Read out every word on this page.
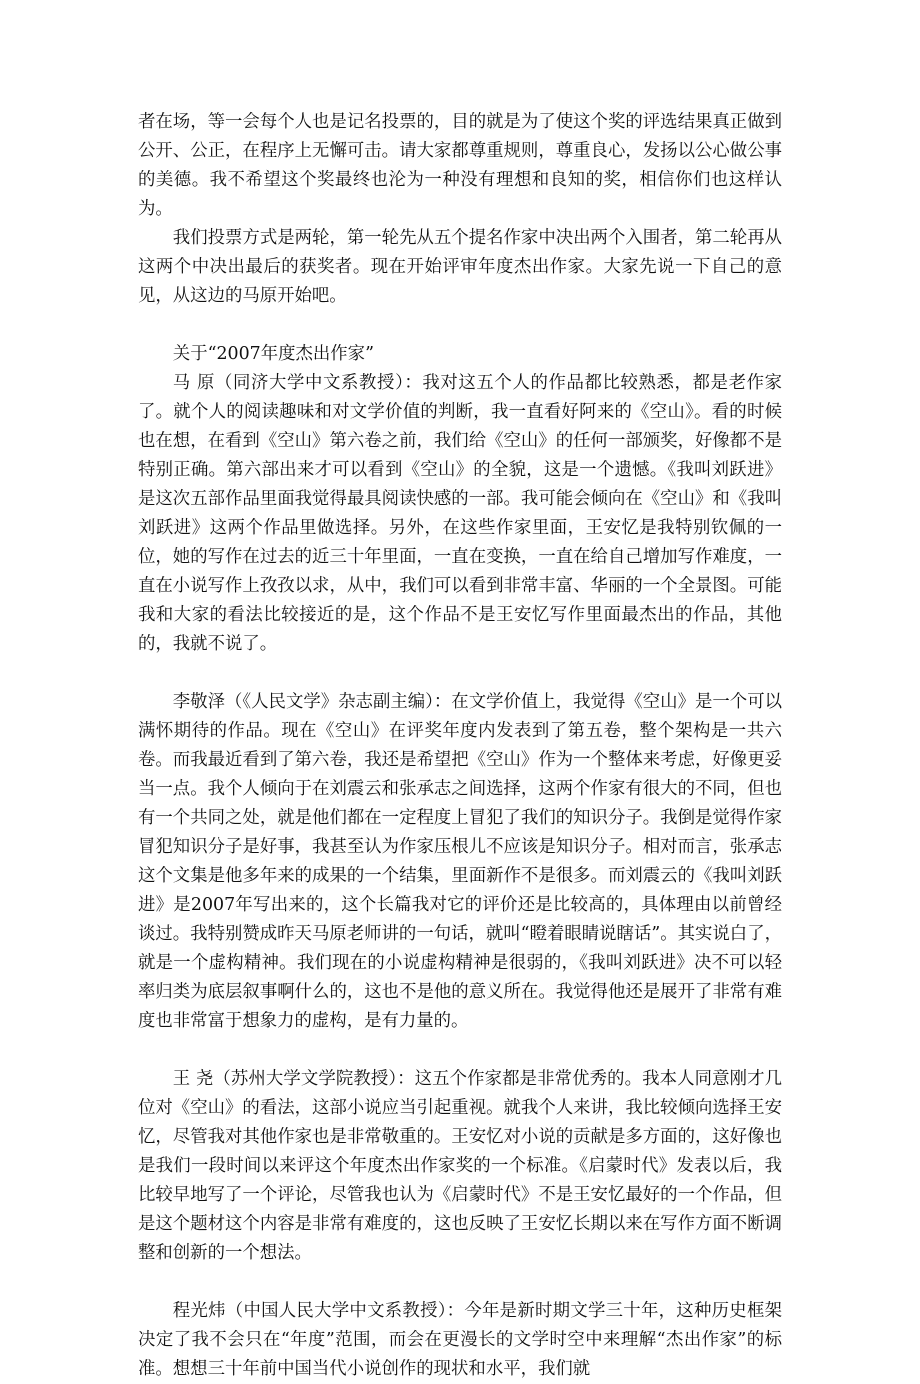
者在场，等一会每个人也是记名投票的，目的就是为了使这个奖的评选结果真正做到公开、公正，在程序上无懈可击。请大家都尊重规则，尊重良心，发扬以公心做公事的美德。我不希望这个奖最终也沦为一种没有理想和良知的奖，相信你们也这样认为。

我们投票方式是两轮，第一轮先从五个提名作家中决出两个入围者，第二轮再从这两个中决出最后的获奖者。现在开始评审年度杰出作家。大家先说一下自己的意见，从这边的马原开始吧。

关于“2007年度杰出作家”

马 原（同济大学中文系教授）：我对这五个人的作品都比较熟悉，都是老作家了。就个人的阅读趣味和对文学价值的判断，我一直看好阿来的《空山》。看的时候也在想，在看到《空山》第六卷之前，我们给《空山》的任何一部颁奖，好像都不是特别正确。第六部出来才可以看到《空山》的全貌，这是一个遗憾。《我叫刘跃进》是这次五部作品里面我觉得最具阅读快感的一部。我可能会倾向在《空山》和《我叫刘跃进》这两个作品里做选择。另外，在这些作家里面，王安忆是我特别钦佩的一位，她的写作在过去的近三十年里面，一直在变换，一直在给自己增加写作难度，一直在小说写作上孜孜以求，从中，我们可以看到非常丰富、华丽的一个全景图。可能我和大家的看法比较接近的是，这个作品不是王安忆写作里面最杰出的作品，其他的，我就不说了。

李敬泽（《人民文学》杂志副主编）：在文学价值上，我觉得《空山》是一个可以满怀期待的作品。现在《空山》在评奖年度内发表到了第五卷，整个架构是一共六卷。而我最近看到了第六卷，我还是希望把《空山》作为一个整体来考虑，好像更妥当一点。我个人倾向于在刘震云和张承志之间选择，这两个作家有很大的不同，但也有一个共同之处，就是他们都在一定程度上冒犯了我们的知识分子。我倒是觉得作家冒犯知识分子是好事，我甚至认为作家压根儿不应该是知识分子。相对而言，张承志这个文集是他多年来的成果的一个结集，里面新作不是很多。而刘震云的《我叫刘跃进》是2007年写出来的，这个长篇我对它的评价还是比较高的，具体理由以前曾经谈过。我特别赞成昨天马原老师讲的一句话，就叫“瞪着眼睛说瞎话”。其实说白了，就是一个虚构精神。我们现在的小说虚构精神是很弱的，《我叫刘跃进》决不可以轻率归类为底层叙事啊什么的，这也不是他的意义所在。我觉得他还是展开了非常有难度也非常富于想象力的虚构，是有力量的。

王 尧（苏州大学文学院教授）：这五个作家都是非常优秀的。我本人同意刚才几位对《空山》的看法，这部小说应当引起重视。就我个人来讲，我比较倾向选择王安忆，尽管我对其他作家也是非常敬重的。王安忆对小说的贡献是多方面的，这好像也是我们一段时间以来评这个年度杰出作家奖的一个标准。《启蒙时代》发表以后，我比较早地写了一个评论，尽管我也认为《启蒙时代》不是王安忆最好的一个作品，但是这个题材这个内容是非常有难度的，这也反映了王安忆长期以来在写作方面不断调整和创新的一个想法。

程光炜（中国人民大学中文系教授）：今年是新时期文学三十年，这种历史框架决定了我不会只在“年度”范围，而会在更漫长的文学时空中来理解“杰出作家”的标准。想想三十年前中国当代小说创作的现状和水平，我们就
